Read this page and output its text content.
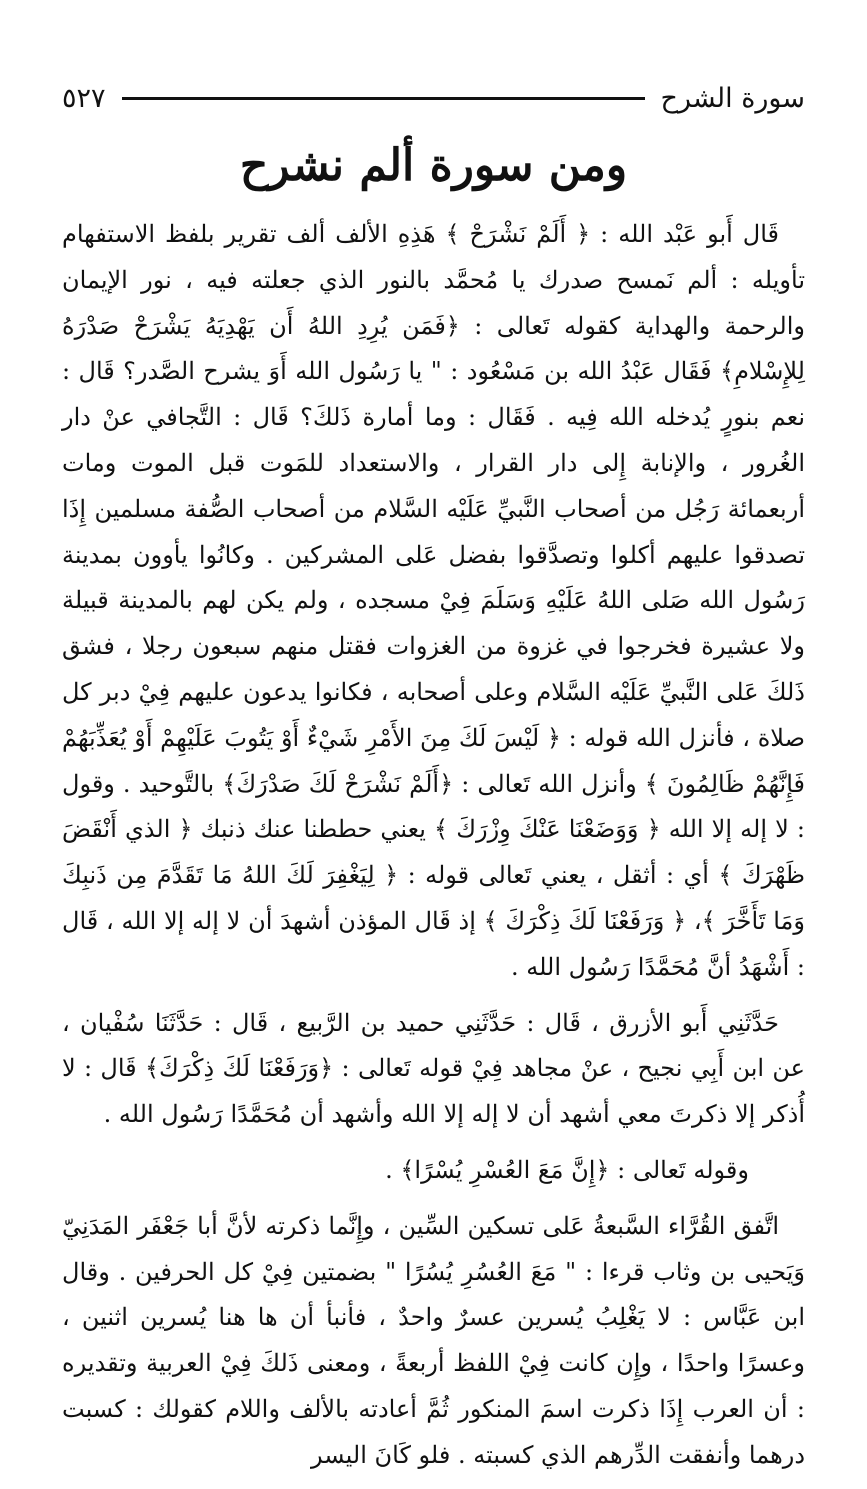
سورة الشرح
٥٢٧
ومن سورة ألم نشرح

قَال أَبو عَبْد الله : ﴿ أَلَمْ نَشْرَحْ ﴾ هَذِهِ الألف ألف تقرير بلفظ الاستفهام تأويله : ألم نَمسح صدرك يا مُحمَّد بالنور الذي جعلته فيه ، نور الإيمان والرحمة والهداية كقوله تَعالى : ﴿فَمَن يُرِدِ اللهُ أَن يَهْدِيَهُ يَشْرَحْ صَدْرَهُ لِلإِسْلامِ﴾ فَقَال عَبْدُ الله بن مَسْعُود : " يا رَسُول الله أَوَ يشرح الصَّدر؟ قَال : نعم بنورٍ يُدخله الله فِيه . فَقَال : وما أمارة ذَلكَ؟ قَال : التَّجافي عنْ دار الغُرور ، والإنابة إِلى دار القرار ، والاستعداد للمَوت قبل الموت ومات أربعمائة رَجُل من أصحاب النَّبيِّ عَلَيْه السَّلام من أصحاب الصُّفة مسلمين إِذَا تصدقوا عليهم أكلوا وتصدَّقوا بفضل عَلى المشركين . وكانُوا يأوون بمدينة رَسُول الله صَلى اللهُ عَلَيْهِ وَسَلَمَ فِيْ مسجده ، ولم يكن لهم بالمدينة قبيلة ولا عشيرة فخرجوا في غزوة من الغزوات فقتل منهم سبعون رجلا ، فشق ذَلكَ عَلى النَّبيِّ عَلَيْه السَّلام وعلى أصحابه ، فكانوا يدعون عليهم فِيْ دبر كل صلاة ، فأنزل الله قوله : ﴿ لَيْسَ لَكَ مِنَ الأَمْرِ شَيْءٌ أَوْ يَتُوبَ عَلَيْهِمْ أَوْ يُعَذِّبَهُمْ فَإِنَّهُمْ ظَالِمُونَ ﴾ وأنزل الله تَعالى : ﴿أَلَمْ نَشْرَحْ لَكَ صَدْرَكَ﴾ بالتَّوحيد . وقول : لا إله إلا الله ﴿ وَوَضَعْنَا عَنْكَ وِزْرَكَ ﴾ يعني حططنا عنك ذنبك ﴿ الذي أَنْقَضَ ظَهْرَكَ ﴾ أي : أثقل ، يعني تَعالى قوله : ﴿ لِيَغْفِرَ لَكَ اللهُ مَا تَقَدَّمَ مِن ذَنبِكَ وَمَا تَأَخَّرَ ﴾، ﴿ وَرَفَعْنَا لَكَ ذِكْرَكَ ﴾ إذ قَال المؤذن أشهدَ أن لا إله إلا الله ، قَال : أَشْهَدُ أنَّ مُحَمَّدًا رَسُول الله .

حَدَّثَنِي أَبو الأزرق ، قَال : حَدَّثَنِي حميد بن الرَّبيع ، قَال : حَدَّثَنَا سُفْيان ، عن ابن أَبِي نجيح ، عنْ مجاهد فِيْ قوله تَعالى : ﴿وَرَفَعْنَا لَكَ ذِكْرَكَ﴾ قَال : لا أُذكر إلا ذكرتَ معي أشهد أن لا إله إلا الله وأشهد أن مُحَمَّدًا رَسُول الله .

وقوله تَعالى : ﴿إِنَّ مَعَ العُسْرِ يُسْرًا﴾ .

اتَّفق القُرَّاء السَّبعةُ عَلى تسكين السِّين ، وإِنَّما ذكرته لأنَّ أبا جَعْفَر المَدَنِيّ وَيَحيى بن وثاب قرءا : " مَعَ العُسُرِ يُسُرًا " بضمتين فِيْ كل الحرفين . وقال ابن عَبَّاس : لا يَغْلِبُ يُسرين عسرٌ واحدٌ ، فأنبأ أن ها هنا يُسرين اثنين ، وعسرًا واحدًا ، وإِن كانت فِيْ اللفظ أربعةً ، ومعنى ذَلكَ فِيْ العربية وتقديره : أن العرب إِذَا ذكرت اسمَ المنكور ثُمَّ أعادته بالألف واللام كقولك : كسبت درهما وأنفقت الدِّرهم الذي كسبته . فلو كَانَ اليسر
